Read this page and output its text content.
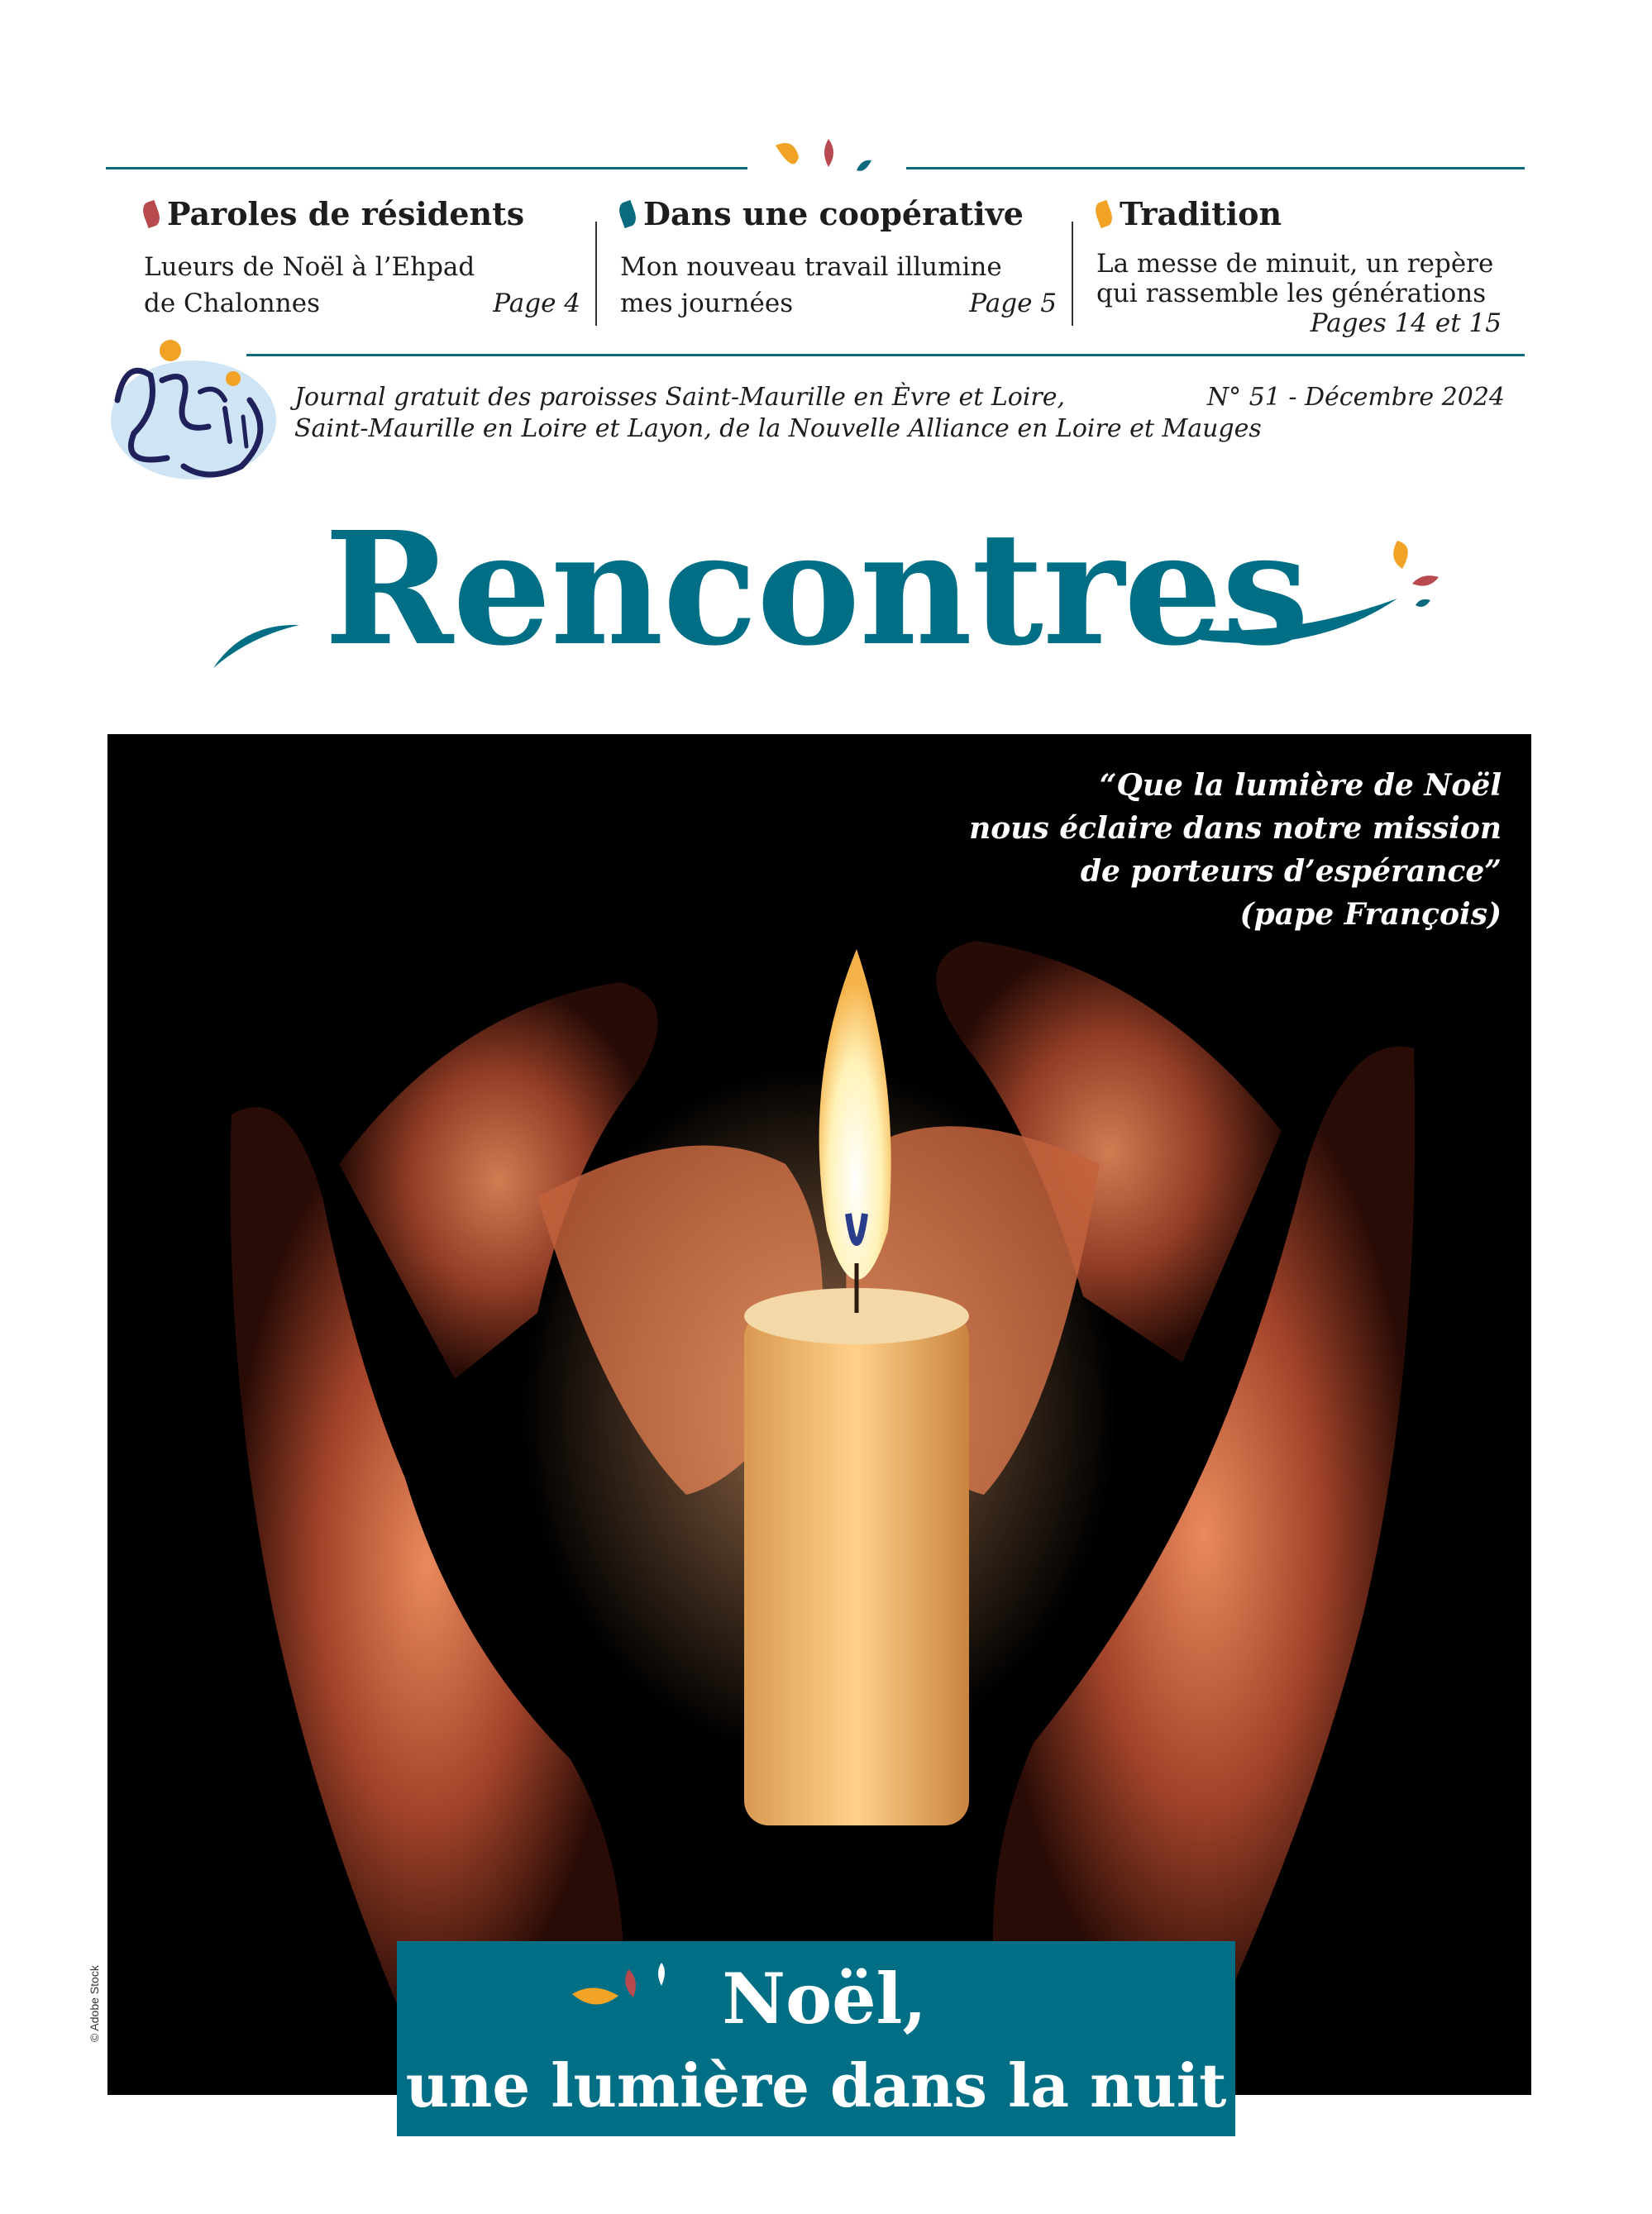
Paroles de résidents
Lueurs de Noël à l’Ehpad
de Chalonnes	Page 4
Dans une coopérative
Mon nouveau travail illumine
mes journées	Page 5
Tradition
La messe de minuit, un repère
qui rassemble les générations
Pages 14 et 15
Journal gratuit des paroisses Saint-Maurille en Èvre et Loire,
Saint-Maurille en Loire et Layon, de la Nouvelle Alliance en Loire et Mauges
N° 51 - Décembre 2024
Rencontres
“Que la lumière de Noël
nous éclaire dans notre mission
de porteurs d’espérance”
(pape François)
© Adobe Stock	Noël,
une lumière dans la nuit
